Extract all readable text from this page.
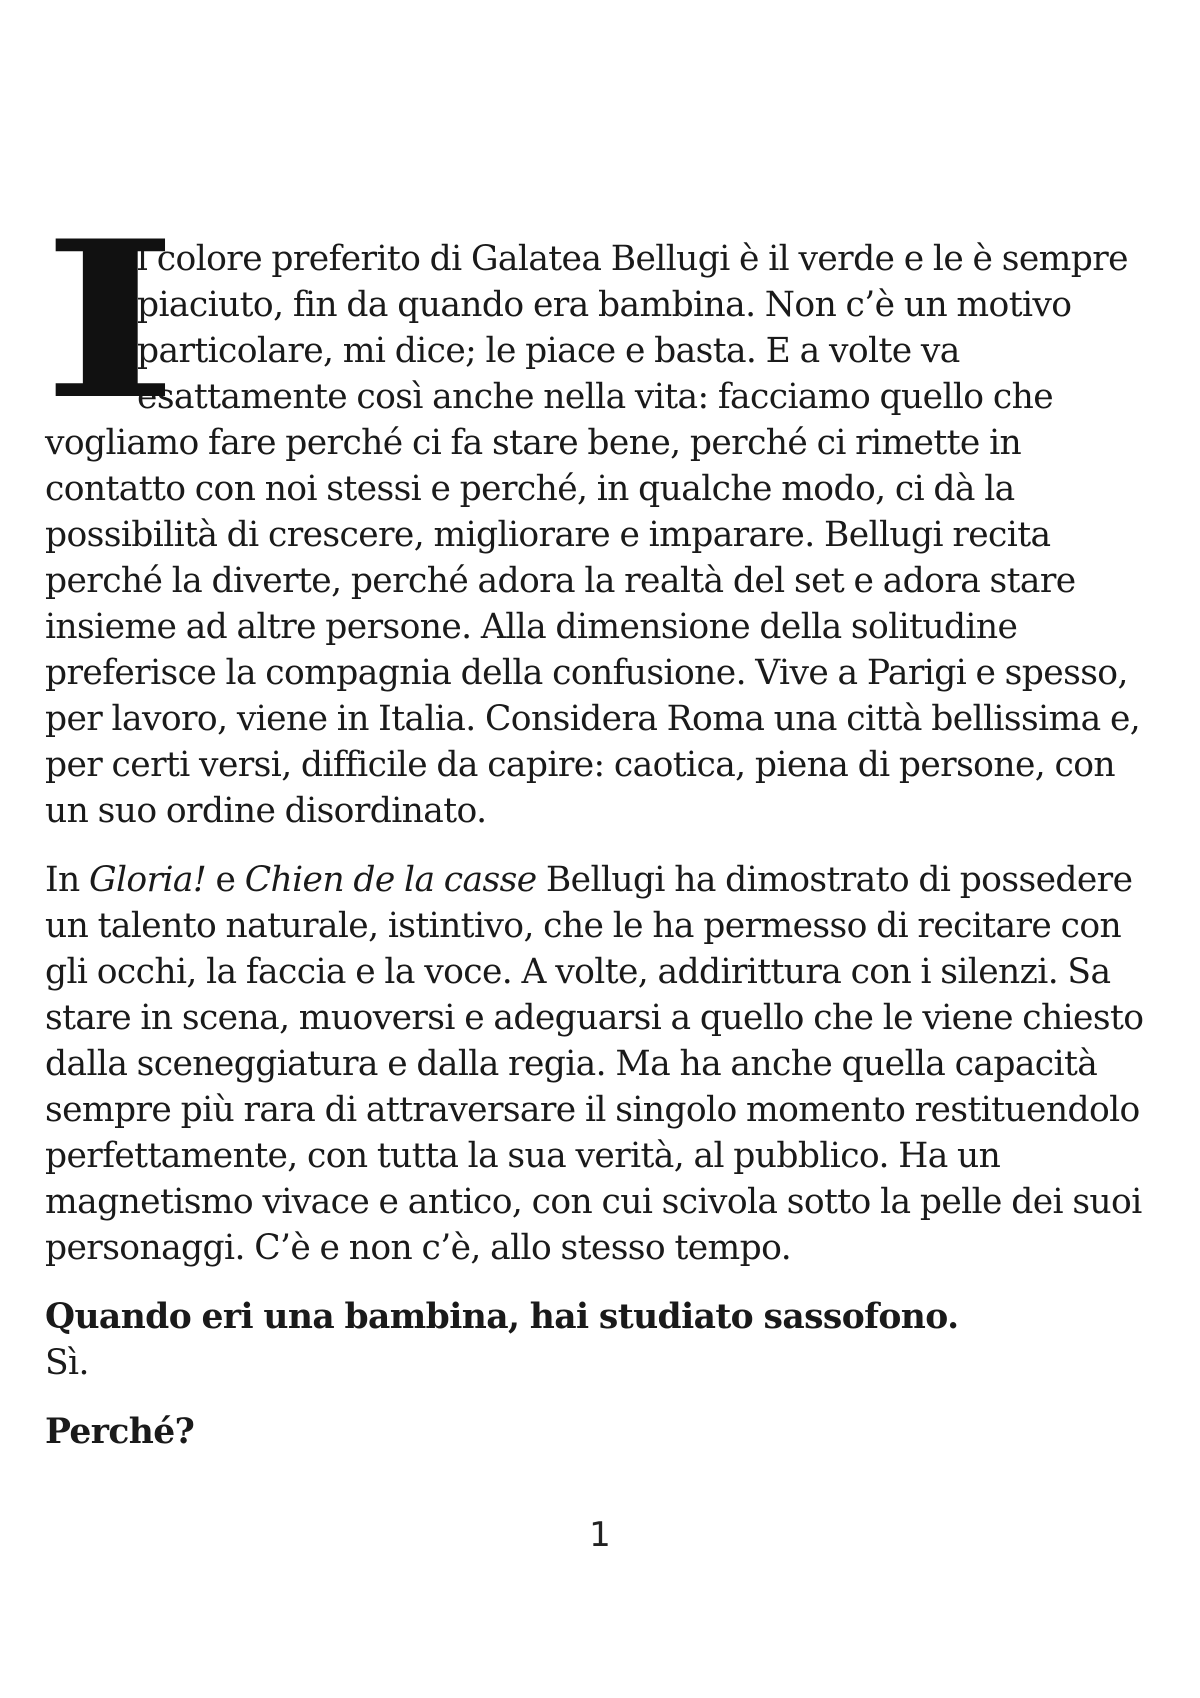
I
l colore preferito di Galatea Bellugi è il verde e le è sempre piaciuto, fin da quando era bambina. Non c’è un motivo particolare, mi dice; le piace e basta. E a volte va esattamente così anche nella vita: facciamo quello che vogliamo fare perché ci fa stare bene, perché ci rimette in contatto con noi stessi e perché, in qualche modo, ci dà la possibilità di crescere, migliorare e imparare. Bellugi recita perché la diverte, perché adora la realtà del set e adora stare insieme ad altre persone. Alla dimensione della solitudine preferisce la compagnia della confusione. Vive a Parigi e spesso, per lavoro, viene in Italia. Considera Roma una città bellissima e, per certi versi, difficile da capire: caotica, piena di persone, con un suo ordine disordinato.

In Gloria! e Chien de la casse Bellugi ha dimostrato di possedere un talento naturale, istintivo, che le ha permesso di recitare con gli occhi, la faccia e la voce. A volte, addirittura con i silenzi. Sa stare in scena, muoversi e adeguarsi a quello che le viene chiesto dalla sceneggiatura e dalla regia. Ma ha anche quella capacità sempre più rara di attraversare il singolo momento restituendolo perfettamente, con tutta la sua verità, al pubblico. Ha un magnetismo vivace e antico, con cui scivola sotto la pelle dei suoi personaggi. C’è e non c’è, allo stesso tempo.

Quando eri una bambina, hai studiato sassofono.
Sì.
Perché?
1
